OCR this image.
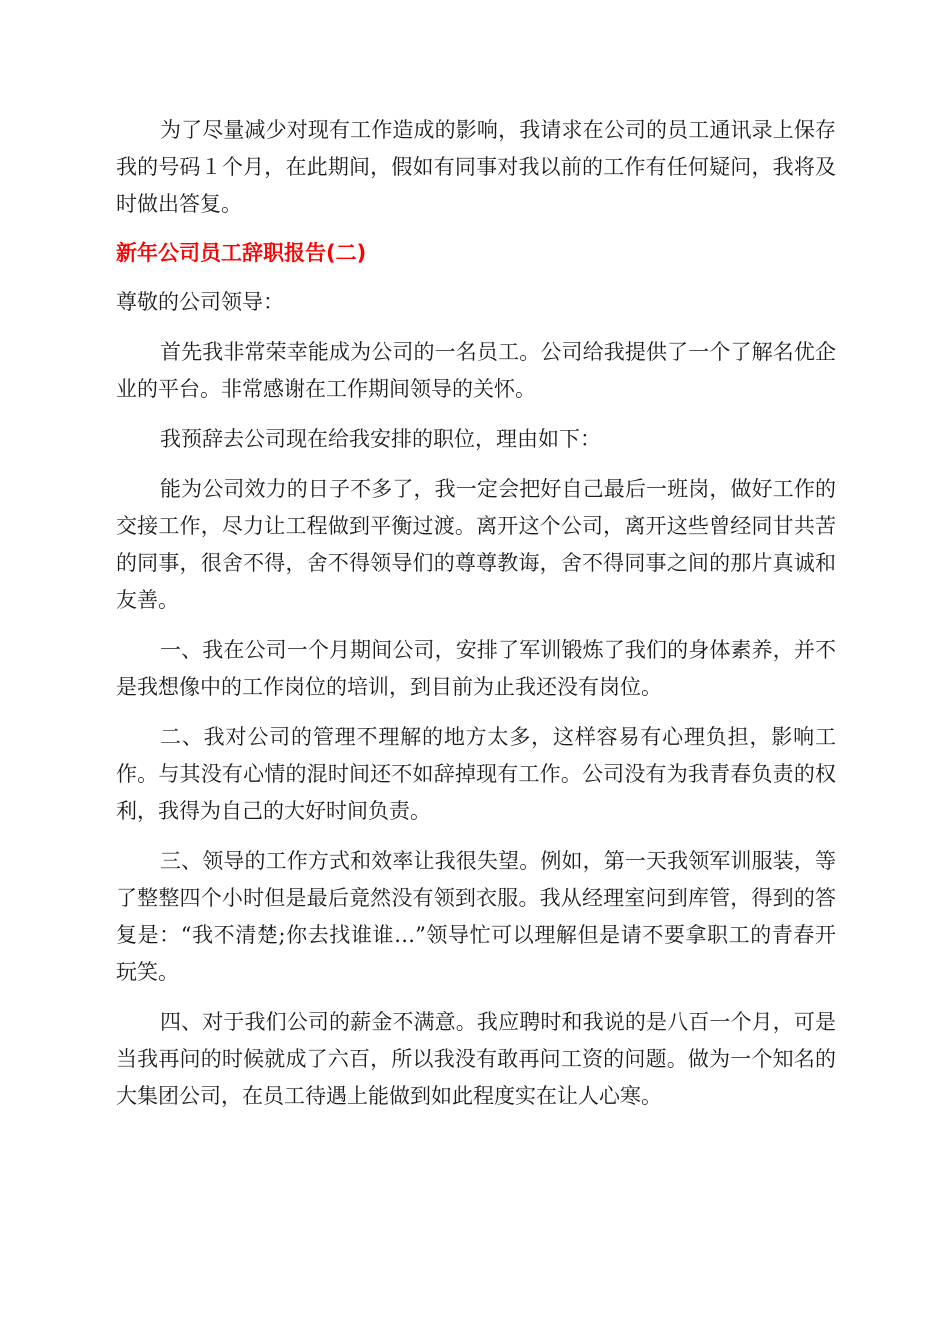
为了尽量减少对现有工作造成的影响，我请求在公司的员工通讯录上保存我的号码１个月，在此期间，假如有同事对我以前的工作有任何疑问，我将及时做出答复。

新年公司员工辞职报告(二)

尊敬的公司领导：

首先我非常荣幸能成为公司的一名员工。公司给我提供了一个了解名优企业的平台。非常感谢在工作期间领导的关怀。

我预辞去公司现在给我安排的职位，理由如下：

能为公司效力的日子不多了，我一定会把好自己最后一班岗，做好工作的交接工作，尽力让工程做到平衡过渡。离开这个公司，离开这些曾经同甘共苦的同事，很舍不得，舍不得领导们的尊尊教诲，舍不得同事之间的那片真诚和友善。

一、我在公司一个月期间公司，安排了军训锻炼了我们的身体素养，并不是我想像中的工作岗位的培训，到目前为止我还没有岗位。

二、我对公司的管理不理解的地方太多，这样容易有心理负担，影响工作。与其没有心情的混时间还不如辞掉现有工作。公司没有为我青春负责的权利，我得为自己的大好时间负责。

三、领导的工作方式和效率让我很失望。例如，第一天我领军训服装，等了整整四个小时但是最后竟然没有领到衣服。我从经理室问到库管，得到的答复是：“我不清楚;你去找谁谁…”领导忙可以理解但是请不要拿职工的青春开玩笑。

四、对于我们公司的薪金不满意。我应聘时和我说的是八百一个月，可是当我再问的时候就成了六百，所以我没有敢再问工资的问题。做为一个知名的大集团公司，在员工待遇上能做到如此程度实在让人心寒。
